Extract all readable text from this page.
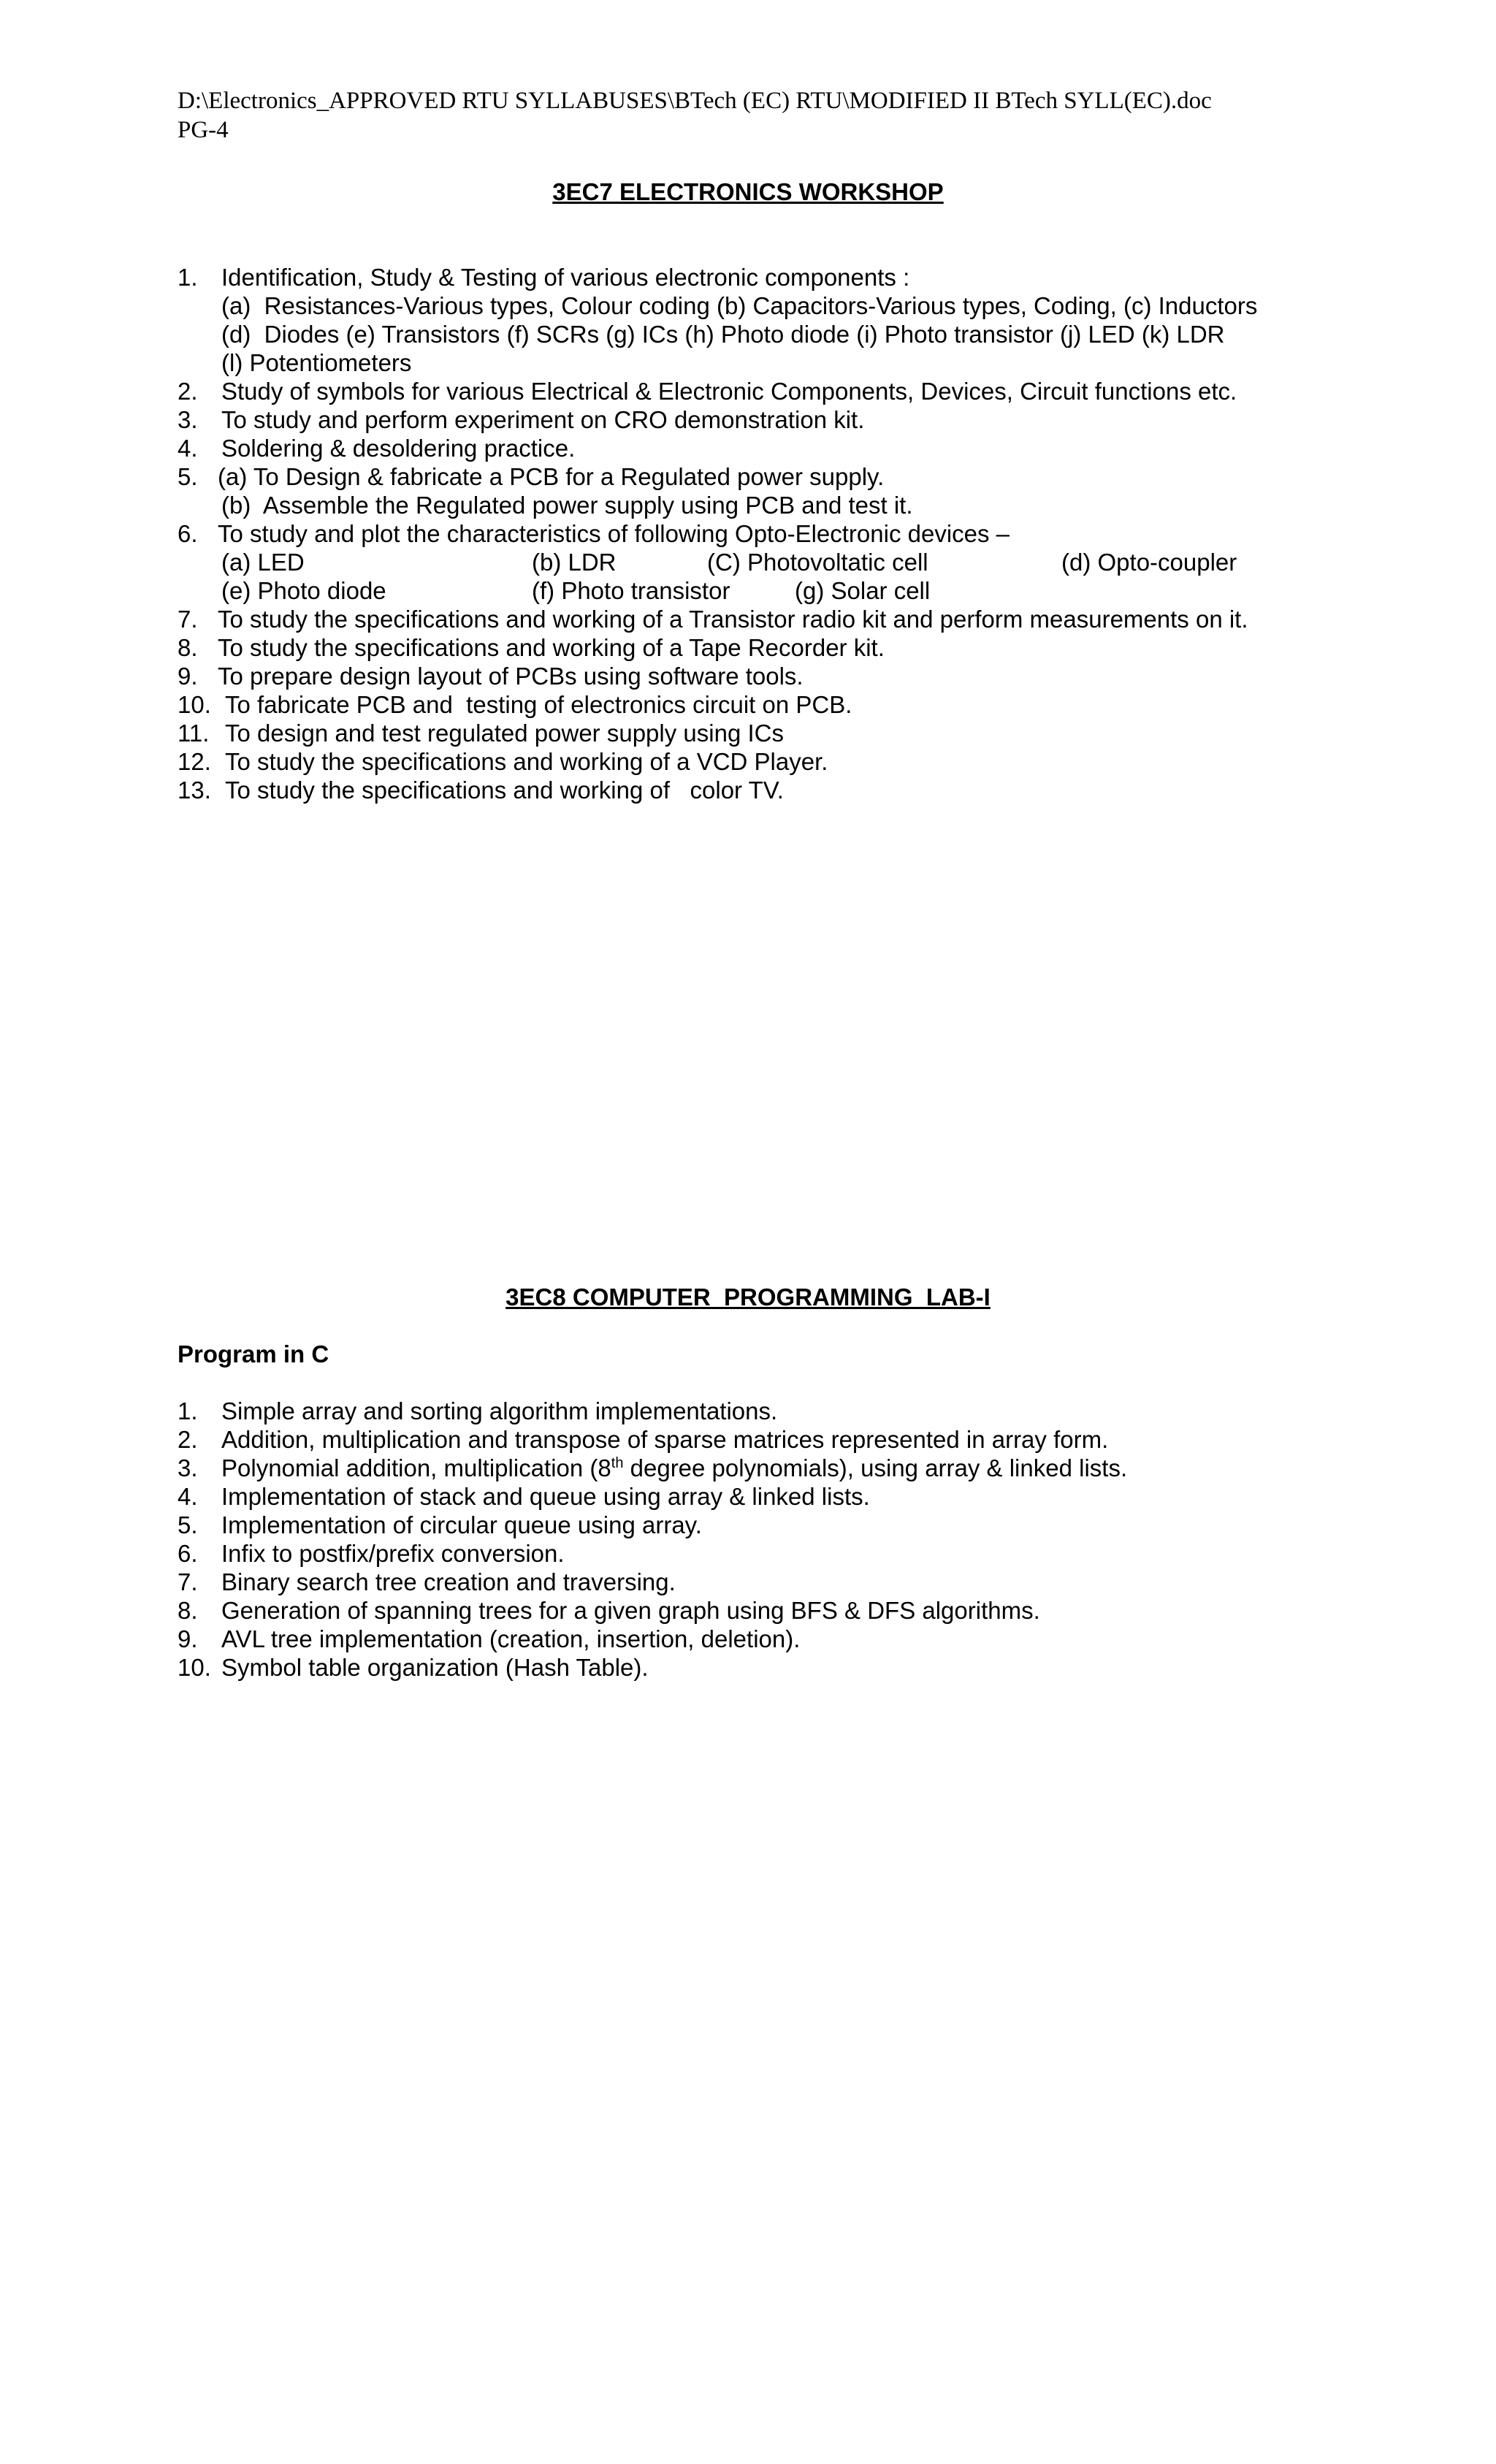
D:\Electronics_APPROVED RTU SYLLABUSES\BTech (EC) RTU\MODIFIED II BTech SYLL(EC).doc
PG-4
3EC7 ELECTRONICS WORKSHOP
1. Identification, Study & Testing of various electronic components :
(a)  Resistances-Various types, Colour coding (b) Capacitors-Various types, Coding, (c) Inductors
(d)  Diodes (e) Transistors (f) SCRs (g) ICs (h) Photo diode (i) Photo transistor (j) LED (k) LDR
(l) Potentiometers
2. Study of symbols for various Electrical & Electronic Components, Devices, Circuit functions etc.
3. To study and perform experiment on CRO demonstration kit.
4. Soldering & desoldering practice.
5. (a) To Design & fabricate a PCB for a Regulated power supply.
(b)  Assemble the Regulated power supply using PCB and test it.
6. To study and plot the characteristics of following Opto-Electronic devices –
(a) LED	(b) LDR	(C) Photovoltatic cell	(d) Opto-coupler
(e) Photo diode	(f) Photo transistor	(g) Solar cell
7. To study the specifications and working of a Transistor radio kit and perform measurements on it.
8. To study the specifications and working of a Tape Recorder kit.
9. To prepare design layout of PCBs using software tools.
10. To fabricate PCB and  testing of electronics circuit on PCB.
11. To design and test regulated power supply using ICs
12. To study the specifications and working of a VCD Player.
13. To study the specifications and working of   color TV.
3EC8 COMPUTER  PROGRAMMING  LAB-I
Program in C
1. Simple array and sorting algorithm implementations.
2. Addition, multiplication and transpose of sparse matrices represented in array form.
3. Polynomial addition, multiplication (8th degree polynomials), using array & linked lists.
4. Implementation of stack and queue using array & linked lists.
5. Implementation of circular queue using array.
6. Infix to postfix/prefix conversion.
7. Binary search tree creation and traversing.
8. Generation of spanning trees for a given graph using BFS & DFS algorithms.
9. AVL tree implementation (creation, insertion, deletion).
10. Symbol table organization (Hash Table).
